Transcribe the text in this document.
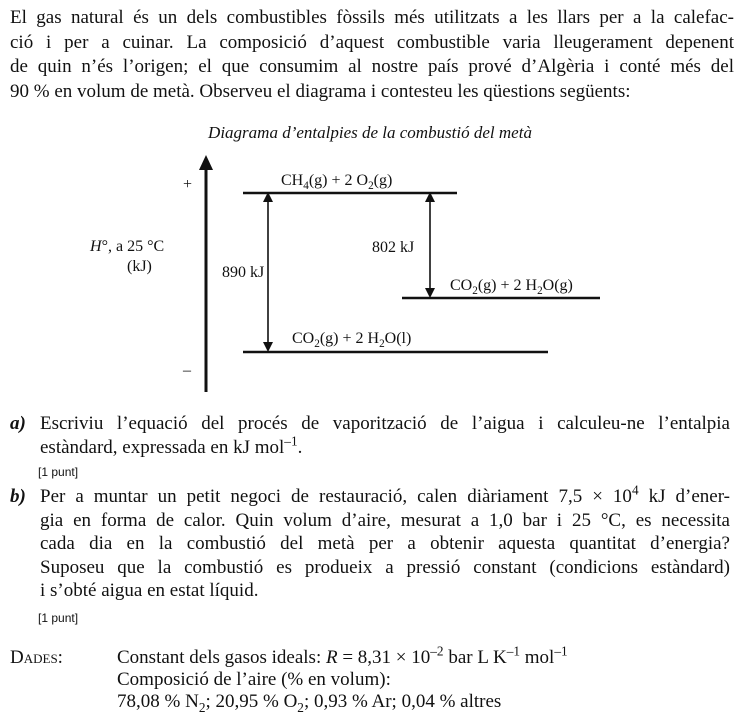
El gas natural és un dels combustibles fòssils més utilitzats a les llars per a la calefac-
ció i per a cuinar. La composició d’aquest combustible varia lleugerament depenent
de quin n’és l’origen; el que consumim al nostre país prové d’Algèria i conté més del
90 % en volum de metà. Observeu el diagrama i contesteu les qüestions següents:
Diagrama d’entalpies de la combustió del metà
+
–
H°, a 25 °C
(kJ)
$CH_4(g) + 2$ $O_2(g)$
$CO_2(g) + 2$ $H_2O(g)$
$CO_2(g) + 2$ $H_2O(l)$
890 kJ
802 kJ
a) Escriviu l’equació del procés de vaporització de l’aigua i calculeu-ne l’entalpia
estàndard, expressada en kJ mol$^{-1}$.
[1 punt]
b) Per a muntar un petit negoci de restauració, calen diàriament $7,5 \times 10^4$ kJ d’ener-
gia en forma de calor. Quin volum d’aire, mesurat a 1,0 bar i 25 °C, es necessita
cada dia en la combustió del metà per a obtenir aquesta quantitat d’energia?
Suposeu que la combustió es produeix a pressió constant (condicions estàndard)
i s’obté aigua en estat líquid.
[1 punt]
Dades:	Constant dels gasos ideals: $R = 8,31 \times 10^{-2}$ bar L $K^{-1}$ mol$^{-1}$
Composició de l’aire (% en volum):
78,08 % $N_2$; 20,95 % $O_2$; 0,93 % Ar; 0,04 % altres
